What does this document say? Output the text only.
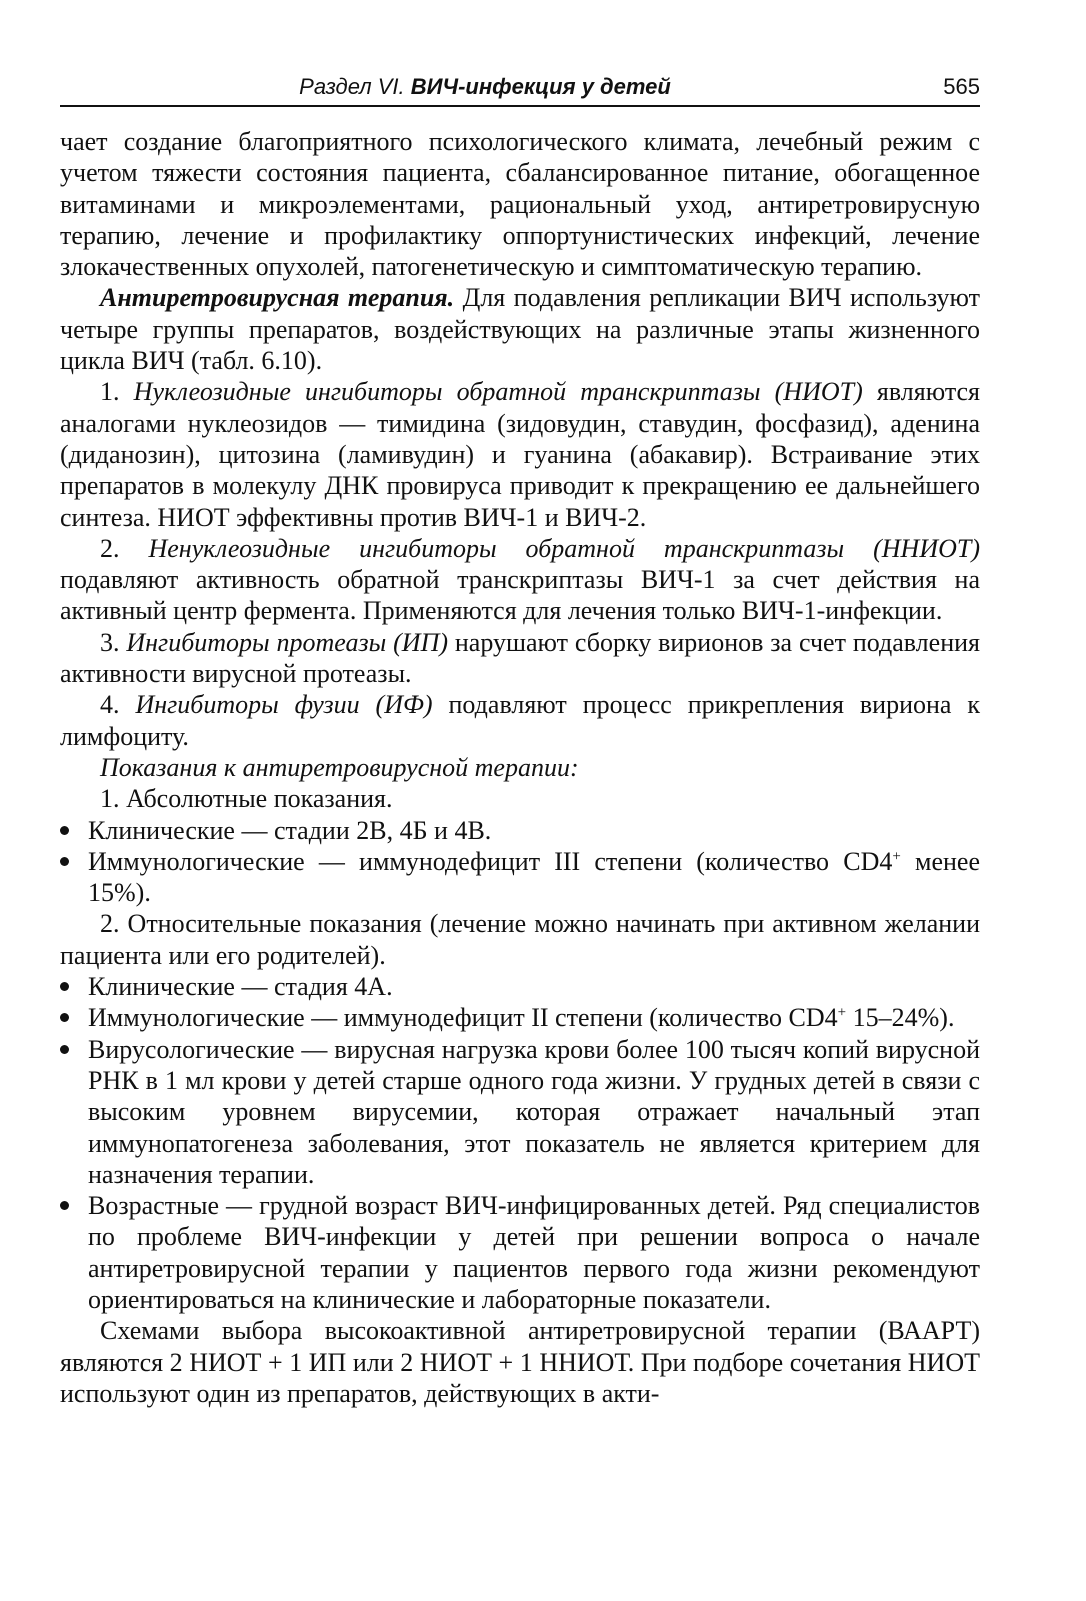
Раздел VI. ВИЧ-инфекция у детей	565

чает создание благоприятного психологического климата, лечебный режим с учетом тяжести состояния пациента, сбалансированное питание, обогащенное витаминами и микроэлементами, рациональный уход, антиретровирусную терапию, лечение и профилактику оппортунистических инфекций, лечение злокачественных опухолей, патогенетическую и симптоматическую терапию.

Антиретровирусная терапия. Для подавления репликации ВИЧ используют четыре группы препаратов, воздействующих на различные этапы жизненного цикла ВИЧ (табл. 6.10).

1. Нуклеозидные ингибиторы обратной транскриптазы (НИОТ) являются аналогами нуклеозидов — тимидина (зидовудин, ставудин, фосфазид), аденина (диданозин), цитозина (ламивудин) и гуанина (абакавир). Встраивание этих препаратов в молекулу ДНК провируса приводит к прекращению ее дальнейшего синтеза. НИОТ эффективны против ВИЧ-1 и ВИЧ-2.

2. Ненуклеозидные ингибиторы обратной транскриптазы (ННИОТ) подавляют активность обратной транскриптазы ВИЧ-1 за счет действия на активный центр фермента. Применяются для лечения только ВИЧ-1-инфекции.

3. Ингибиторы протеазы (ИП) нарушают сборку вирионов за счет подавления активности вирусной протеазы.

4. Ингибиторы фузии (ИФ) подавляют процесс прикрепления вириона к лимфоциту.

Показания к антиретровирусной терапии:

1. Абсолютные показания.

Клинические — стадии 2В, 4Б и 4В.

Иммунологические — иммунодефицит III степени (количество CD4+ менее 15%).

2. Относительные показания (лечение можно начинать при активном желании пациента или его родителей).

Клинические — стадия 4А.

Иммунологические — иммунодефицит II степени (количество CD4+ 15–24%).

Вирусологические — вирусная нагрузка крови более 100 тысяч копий вирусной РНК в 1 мл крови у детей старше одного года жизни. У грудных детей в связи с высоким уровнем вирусемии, которая отражает начальный этап иммунопатогенеза заболевания, этот показатель не является критерием для назначения терапии.

Возрастные — грудной возраст ВИЧ-инфицированных детей. Ряд специалистов по проблеме ВИЧ-инфекции у детей при решении вопроса о начале антиретровирусной терапии у пациентов первого года жизни рекомендуют ориентироваться на клинические и лабораторные показатели.

Схемами выбора высокоактивной антиретровирусной терапии (ВААРТ) являются 2 НИОТ + 1 ИП или 2 НИОТ + 1 ННИОТ. При подборе сочетания НИОТ используют один из препаратов, действующих в акти-
